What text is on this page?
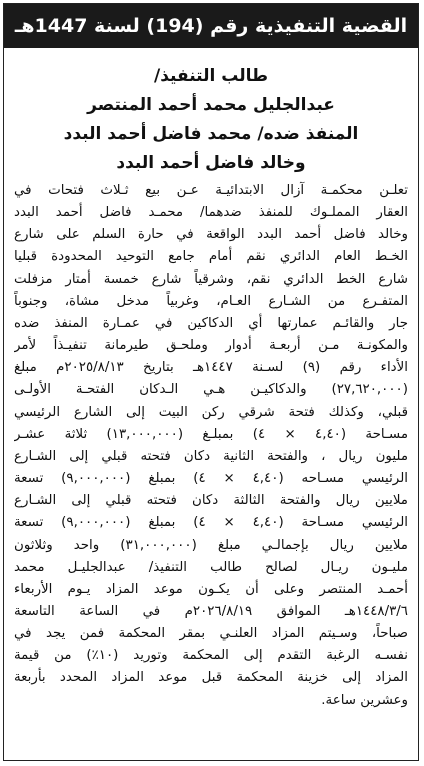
القضية التنفيذية رقم (194) لسنة 1447هـ
طالب التنفيذ/
عبدالجليل محمد أحمد المنتصر
المنفذ ضده/ محمد فاضل أحمد البدد
وخالد فاضل أحمد البدد
تعلـن محكمـة آزال الابتدائيـة عـن بيع ثـلاث فتحات في
العقار المملـوك للمنفذ ضدهما/ محمـد فاضل أحمد البدد
وخالد فاضل أحمد البدد الواقعة في حارة السلم على شارع
الخـط العام الدائري نقم أمام جامع التوحيد المحدودة قبليا
شارع الخط الدائري نقم، وشرقياً شارع خمسة أمتار مزفلت
المتفـرع من الشـارع العـام، وغربياً مدخل مشاة، وجنوباً
جار والقائـم عمارتها أي الدكاكين في عمـارة المنفذ ضده
والمكونـة مـن أربعـة أدوار وملحـق طيرمانة تنفيـذاً لأمر
الأداء رقم (٩) لسـنة ١٤٤٧هـ بتاريخ ٢٠٢٥/٨/١٣م مبلغ
(٢٧,٦٢٠,٠٠٠) والدكاكيـن هـي الـدكان الفتحـة الأولـى
قبلي، وكذلك فتحة شرقي ركن البيت إلى الشارع الرئيسي
مسـاحة (٤,٤٠ × ٤) بمبلـغ (١٣,٠٠٠,٠٠٠) ثلاثة عشـر
مليون ريال ، والفتحة الثانية دكان فتحته قبلي إلى الشـارع
الرئيسي مسـاحه (٤,٤٠ × ٤) بمبلغ (٩,٠٠٠,٠٠٠) تسعة
ملايين ريال والفتحة الثالثة دكان فتحته قبلي إلى الشـارع
الرئيسي مسـاحة (٤,٤٠ × ٤) بمبلغ (٩,٠٠٠,٠٠٠) تسعة
ملايين ريال بإجمالـي مبلغ (٣١,٠٠٠,٠٠٠) واحد وثلاثون
مليـون ريـال لصالح طالب التنفيذ/ عبدالجليـل محمد
أحمـد المنتصر وعلى أن يكـون موعد المزاد يـوم الأربعاء
١٤٤٨/٣/٦هـ الموافق ٢٠٢٦/٨/١٩م في الساعة التاسعة
صباحاً، وسـيتم المزاد العلنـي بمقر المحكمة فمن يجد في
نفسـه الرغبة التقدم إلى المحكمة وتوريد (١٠٪) من قيمة
المزاد إلى خزينة المحكمة قبل موعد المزاد المحدد بأربعة
وعشرين ساعة.
